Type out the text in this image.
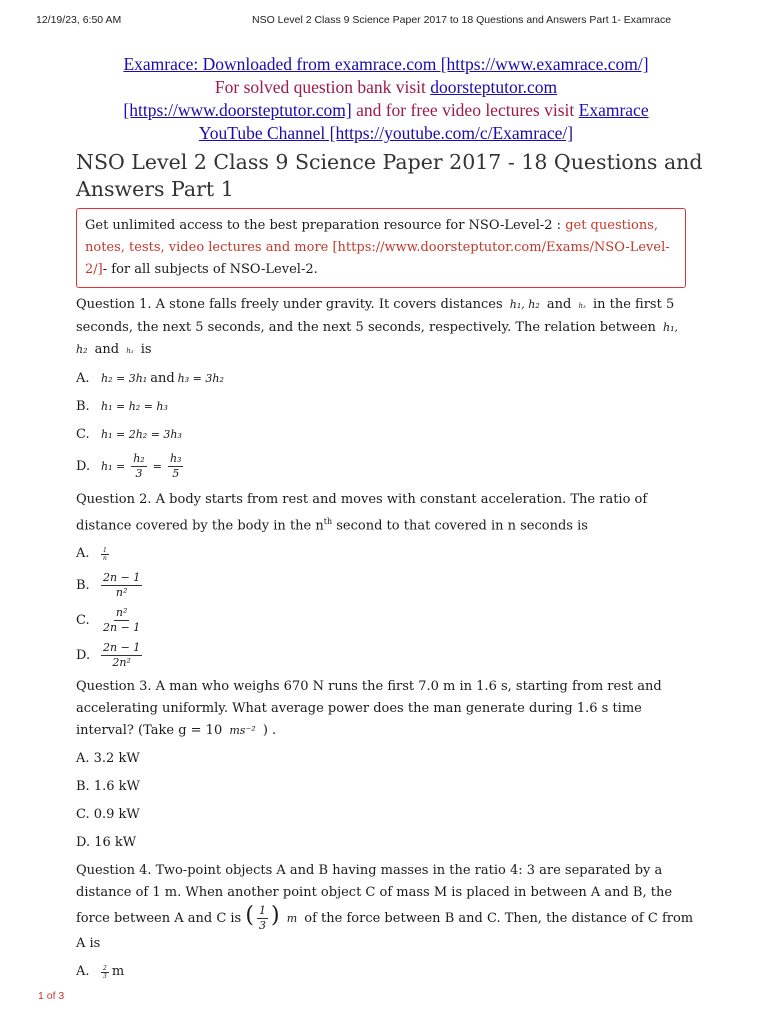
12/19/23, 6:50 AM	NSO Level 2 Class 9 Science Paper 2017 to 18 Questions and Answers Part 1- Examrace
Examrace: Downloaded from examrace.com [https://www.examrace.com/]
For solved question bank visit doorsteptutor.com
[https://www.doorsteptutor.com] and for free video lectures visit Examrace
YouTube Channel [https://youtube.com/c/Examrace/]
NSO Level 2 Class 9 Science Paper 2017 - 18 Questions and Answers Part 1
Get unlimited access to the best preparation resource for NSO-Level-2 : get questions, notes, tests, video lectures and more [https://www.doorsteptutor.com/Exams/NSO-Level-2/]- for all subjects of NSO-Level-2.

Question 1. A stone falls freely under gravity. It covers distances h₁, h₂ and h₃ in the first 5 seconds, the next 5 seconds, and the next 5 seconds, respectively. The relation between h₁, h₂ and h₃ is

A.	h₂ = 3h₁ and h₃ = 3h₂

B.	h₁ = h₂ = h₃

C.	h₁ = 2h₂ = 3h₃

D. $h_1 = \frac{\text{h₂}}{3} = \frac{\text{h₃}}{5}$

Question 2. A body starts from rest and moves with constant acceleration. The ratio of distance covered by the body in the $n^{th}$ second to that covered in n seconds is

A.	$\frac{1}{n}$

B.	$\frac{2n - 1}{\text{n²}}$

C.	$\frac{\text{n²}}{2n - 1}$

D. $\frac{2n - 1}{\text{2n²}}$

Question 3. A man who weighs 670 N runs the first 7.0 m in 1.6 s, starting from rest and accelerating uniformly. What average power does the man generate during 1.6 s time interval? (Take g = 10 ms⁻² ) .

A. 3.2 kW

B. 1.6 kW

C. 0.9 kW

D. 16 kW

Question 4. Two-point objects A and B having masses in the ratio 4: 3 are separated by a distance of 1 m. When another point object C of mass M is placed in between A and B, the force between A and C is ( $\frac{1}{3}$ ) m of the force between B and C. Then, the distance of C from A is

A.	$\frac{2}{3}$ m

1 of 3
